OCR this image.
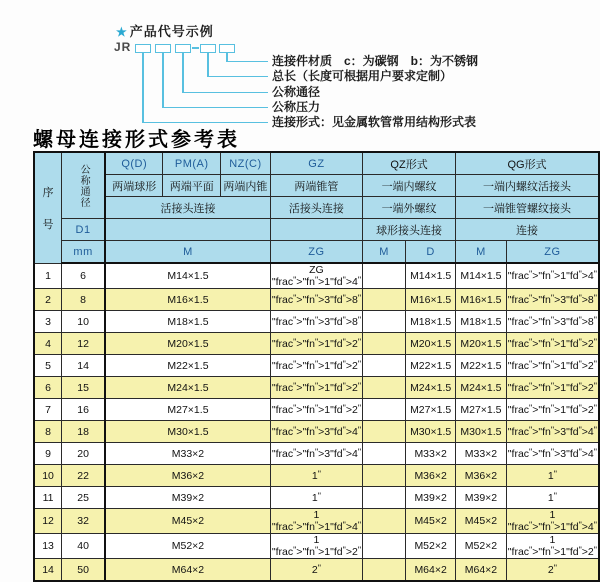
★ 产品代号示例
JR
连接件材质　c：为碳钢　b：为不锈钢
总长（长度可根据用户要求定制）
公称通径
公称压力
连接形式：见金属软管常用结构形式表
螺母连接形式参考表
序
号	公称通径	Q(D)	PM(A)	NZ(C)	GZ	QZ形式		QG形式	
		两端球形	两端平面	两端内锥	两端锥管	一端内螺纹		一端内螺纹活接头	
		活接头连接			活接头连接	一端外螺纹		一端锥管螺纹接头	
	D1					球形接头连接		连接	
	mm	M			ZG	M	D	M	ZG
1	6	M14×1.5			ZG "frac">"fn">1"fd">4"		M14×1.5	M14×1.5	"frac">"fn">1"fd">4"
2	8	M16×1.5			"frac">"fn">3"fd">8"		M16×1.5	M16×1.5	"frac">"fn">3"fd">8"
3	10	M18×1.5			"frac">"fn">3"fd">8"		M18×1.5	M18×1.5	"frac">"fn">3"fd">8"
4	12	M20×1.5			"frac">"fn">1"fd">2"		M20×1.5	M20×1.5	"frac">"fn">1"fd">2"
5	14	M22×1.5			"frac">"fn">1"fd">2"		M22×1.5	M22×1.5	"frac">"fn">1"fd">2"
6	15	M24×1.5			"frac">"fn">1"fd">2"		M24×1.5	M24×1.5	"frac">"fn">1"fd">2"
7	16	M27×1.5			"frac">"fn">1"fd">2"		M27×1.5	M27×1.5	"frac">"fn">1"fd">2"
8	18	M30×1.5			"frac">"fn">3"fd">4"		M30×1.5	M30×1.5	"frac">"fn">3"fd">4"
9	20	M33×2			"frac">"fn">3"fd">4"		M33×2	M33×2	"frac">"fn">3"fd">4"
10	22	M36×2			1"		M36×2	M36×2	1"
11	25	M39×2			1"		M39×2	M39×2	1"
12	32	M45×2			1 "frac">"fn">1"fd">4"		M45×2	M45×2	1 "frac">"fn">1"fd">4"
13	40	M52×2			1 "frac">"fn">1"fd">2"		M52×2	M52×2	1 "frac">"fn">1"fd">2"
14	50	M64×2			2"		M64×2	M64×2	2"
